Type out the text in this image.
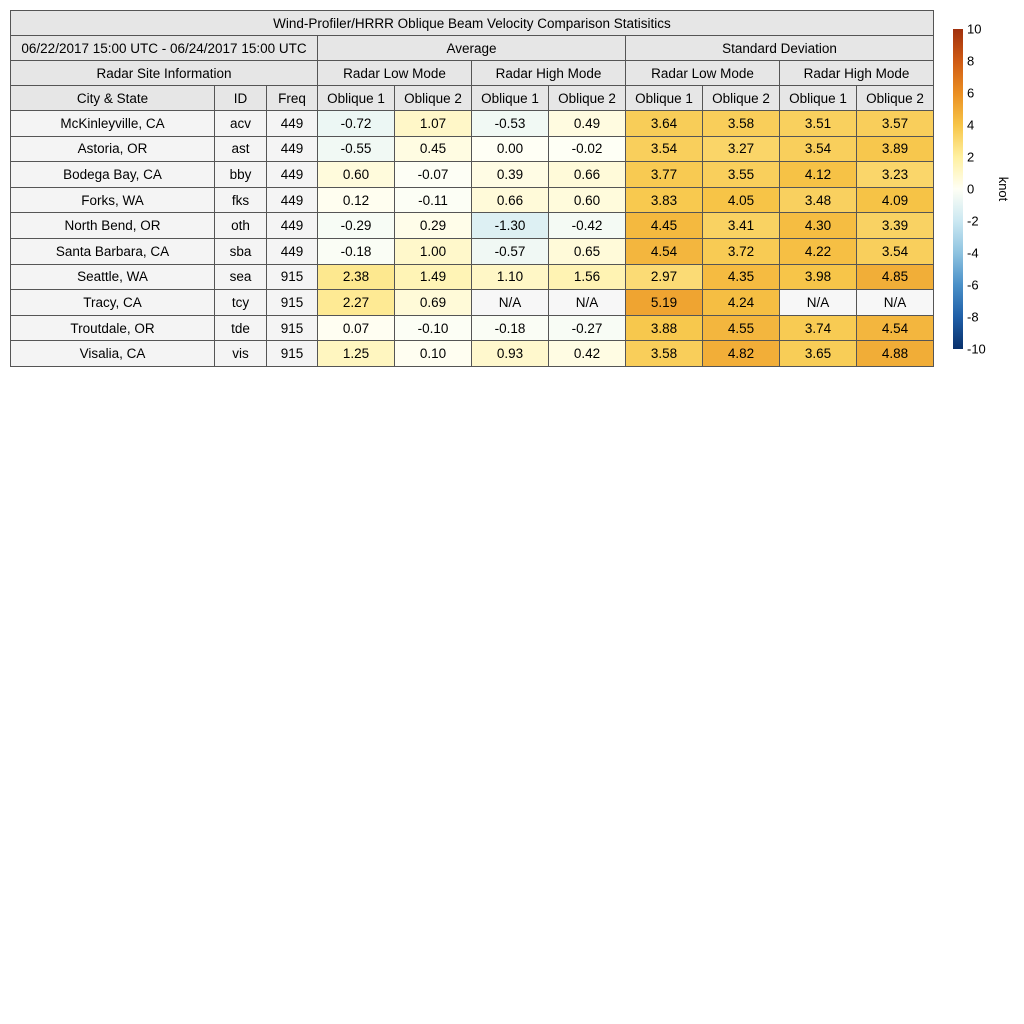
Wind-Profiler/HRRR Oblique Beam Velocity Comparison Statisitics										
06/22/2017 15:00 UTC - 06/24/2017 15:00 UTC			Average				Standard Deviation			
Radar Site Information			Radar Low Mode		Radar High Mode		Radar Low Mode		Radar High Mode	
City & State	ID	Freq	Oblique 1	Oblique 2	Oblique 1	Oblique 2	Oblique 1	Oblique 2	Oblique 1	Oblique 2
McKinleyville, CA	acv	449	-0.72	1.07	-0.53	0.49	3.64	3.58	3.51	3.57
Astoria, OR	ast	449	-0.55	0.45	0.00	-0.02	3.54	3.27	3.54	3.89
Bodega Bay, CA	bby	449	0.60	-0.07	0.39	0.66	3.77	3.55	4.12	3.23
Forks, WA	fks	449	0.12	-0.11	0.66	0.60	3.83	4.05	3.48	4.09
North Bend, OR	oth	449	-0.29	0.29	-1.30	-0.42	4.45	3.41	4.30	3.39
Santa Barbara, CA	sba	449	-0.18	1.00	-0.57	0.65	4.54	3.72	4.22	3.54
Seattle, WA	sea	915	2.38	1.49	1.10	1.56	2.97	4.35	3.98	4.85
Tracy, CA	tcy	915	2.27	0.69	N/A	N/A	5.19	4.24	N/A	N/A
Troutdale, OR	tde	915	0.07	-0.10	-0.18	-0.27	3.88	4.55	3.74	4.54
Visalia, CA	vis	915	1.25	0.10	0.93	0.42	3.58	4.82	3.65	4.88
10
8
6
4
2
0
-2
-4
-6
-8
-10
knot
